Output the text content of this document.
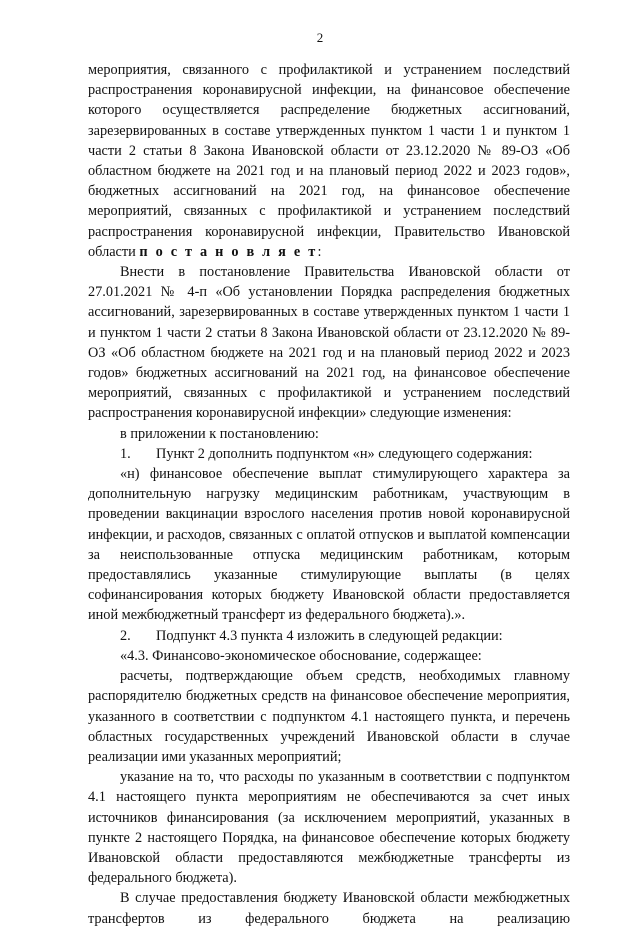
2

мероприятия, связанного с профилактикой и устранением последствий распространения коронавирусной инфекции, на финансовое обеспечение которого осуществляется распределение бюджетных ассигнований, зарезервированных в составе утвержденных пунктом 1 части 1 и пунктом 1 части 2 статьи 8 Закона Ивановской области от 23.12.2020 № 89-ОЗ «Об областном бюджете на 2021 год и на плановый период 2022 и 2023 годов», бюджетных ассигнований на 2021 год, на финансовое обеспечение мероприятий, связанных с профилактикой и устранением последствий распространения коронавирусной инфекции, Правительство Ивановской области п о с т а н о в л я е т:

Внести в постановление Правительства Ивановской области от 27.01.2021 № 4-п «Об установлении Порядка распределения бюджетных ассигнований, зарезервированных в составе утвержденных пунктом 1 части 1 и пунктом 1 части 2 статьи 8 Закона Ивановской области от 23.12.2020 № 89-ОЗ «Об областном бюджете на 2021 год и на плановый период 2022 и 2023 годов» бюджетных ассигнований на 2021 год, на финансовое обеспечение мероприятий, связанных с профилактикой и устранением последствий распространения коронавирусной инфекции» следующие изменения:

в приложении к постановлению:

1. Пункт 2 дополнить подпунктом «н» следующего содержания:

«н) финансовое обеспечение выплат стимулирующего характера за дополнительную нагрузку медицинским работникам, участвующим в проведении вакцинации взрослого населения против новой коронавирусной инфекции, и расходов, связанных с оплатой отпусков и выплатой компенсации за неиспользованные отпуска медицинским работникам, которым предоставлялись указанные стимулирующие выплаты (в целях софинансирования которых бюджету Ивановской области предоставляется иной межбюджетный трансферт из федерального бюджета).».

2. Подпункт 4.3 пункта 4 изложить в следующей редакции:

«4.3. Финансово-экономическое обоснование, содержащее:

расчеты, подтверждающие объем средств, необходимых главному распорядителю бюджетных средств на финансовое обеспечение мероприятия, указанного в соответствии с подпунктом 4.1 настоящего пункта, и перечень областных государственных учреждений Ивановской области в случае реализации ими указанных мероприятий;

указание на то, что расходы по указанным в соответствии с подпунктом 4.1 настоящего пункта мероприятиям не обеспечиваются за счет иных источников финансирования (за исключением мероприятий, указанных в пункте 2 настоящего Порядка, на финансовое обеспечение которых бюджету Ивановской области предоставляются межбюджетные трансферты из федерального бюджета).

В случае предоставления бюджету Ивановской области межбюджетных трансфертов из федерального бюджета на реализацию
